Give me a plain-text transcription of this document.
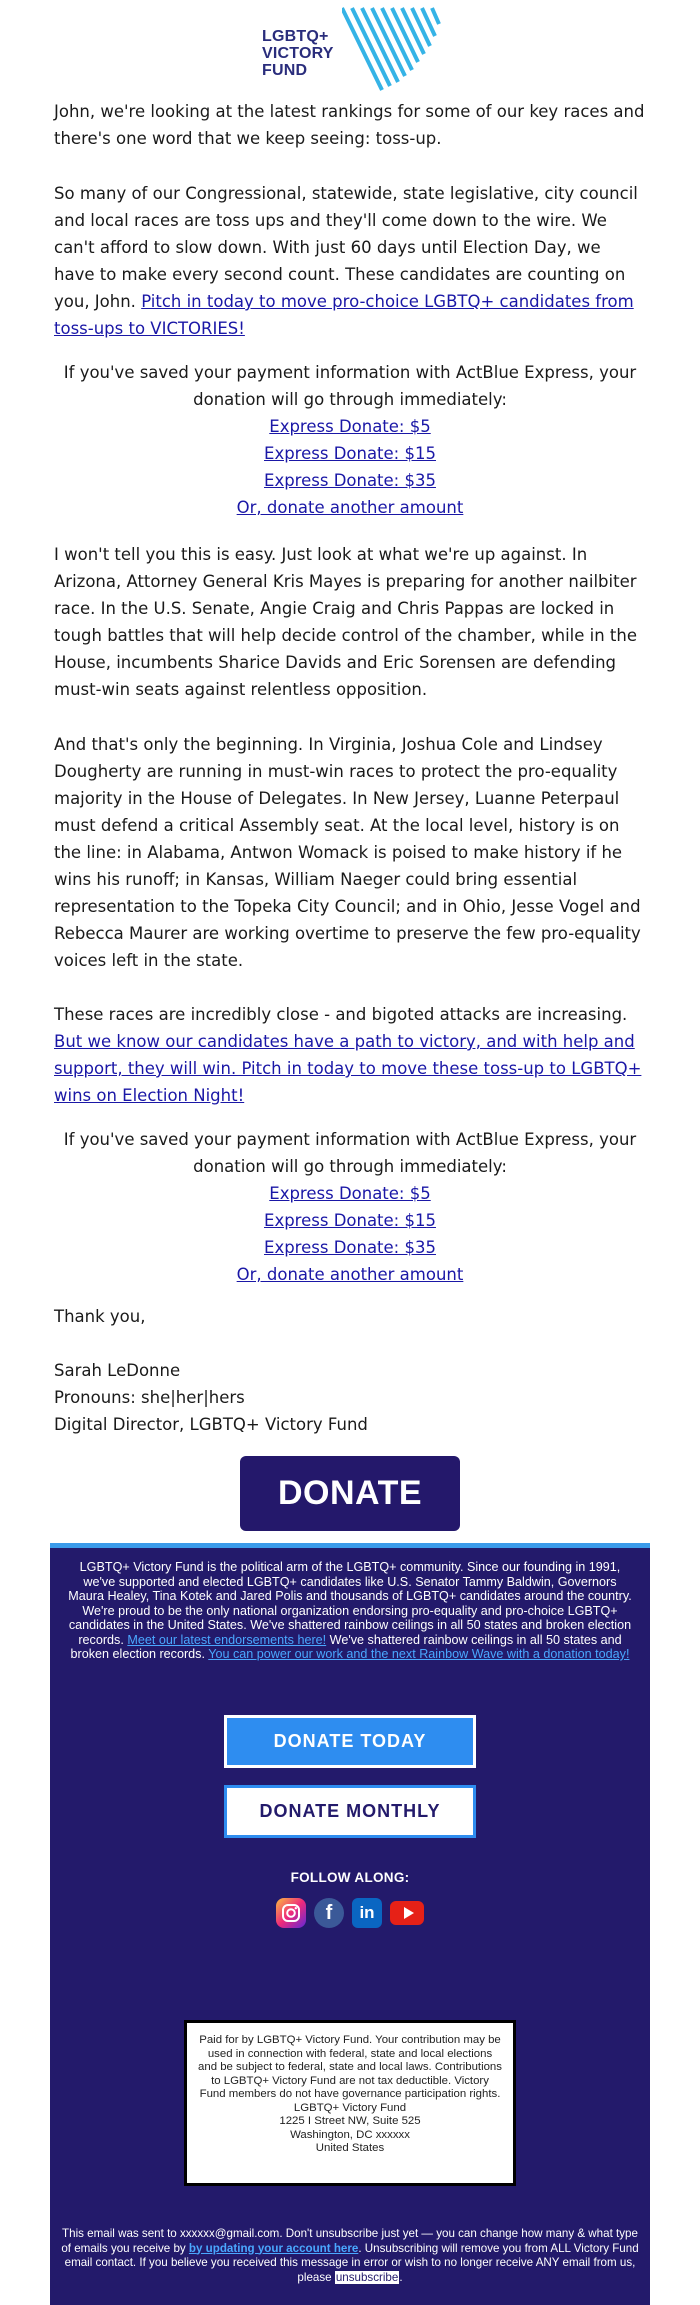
LGBTQ+
VICTORY
FUND

John, we're looking at the latest rankings for some of our key races and there's one word that we keep seeing: toss-up.

So many of our Congressional, statewide, state legislative, city council and local races are toss ups and they'll come down to the wire. We can't afford to slow down. With just 60 days until Election Day, we have to make every second count. These candidates are counting on you, John. Pitch in today to move pro-choice LGBTQ+ candidates from toss-ups to VICTORIES!

If you've saved your payment information with ActBlue Express, your donation will go through immediately:
Express Donate: $5
Express Donate: $15
Express Donate: $35
Or, donate another amount

I won't tell you this is easy. Just look at what we're up against. In Arizona, Attorney General Kris Mayes is preparing for another nailbiter race. In the U.S. Senate, Angie Craig and Chris Pappas are locked in tough battles that will help decide control of the chamber, while in the House, incumbents Sharice Davids and Eric Sorensen are defending must-win seats against relentless opposition.

And that's only the beginning. In Virginia, Joshua Cole and Lindsey Dougherty are running in must-win races to protect the pro-equality majority in the House of Delegates. In New Jersey, Luanne Peterpaul must defend a critical Assembly seat. At the local level, history is on the line: in Alabama, Antwon Womack is poised to make history if he wins his runoff; in Kansas, William Naeger could bring essential representation to the Topeka City Council; and in Ohio, Jesse Vogel and Rebecca Maurer are working overtime to preserve the few pro-equality voices left in the state.

These races are incredibly close - and bigoted attacks are increasing. But we know our candidates have a path to victory, and with help and support, they will win. Pitch in today to move these toss-up to LGBTQ+ wins on Election Night!

If you've saved your payment information with ActBlue Express, your donation will go through immediately:
Express Donate: $5
Express Donate: $15
Express Donate: $35
Or, donate another amount

Thank you,

Sarah LeDonne

Pronouns: she|her|hers

Digital Director, LGBTQ+ Victory Fund

DONATE
LGBTQ+ Victory Fund is the political arm of the LGBTQ+ community. Since our founding in 1991, we've supported and elected LGBTQ+ candidates like U.S. Senator Tammy Baldwin, Governors Maura Healey, Tina Kotek and Jared Polis and thousands of LGBTQ+ candidates around the country. We're proud to be the only national organization endorsing pro-equality and pro-choice LGBTQ+ candidates in the United States. We've shattered rainbow ceilings in all 50 states and broken election records. Meet our latest endorsements here! We've shattered rainbow ceilings in all 50 states and broken election records. You can power our work and the next Rainbow Wave with a donation today!
DONATE TODAY
DONATE MONTHLY
FOLLOW ALONG:
f	in
Paid for by LGBTQ+ Victory Fund. Your contribution may be used in connection with federal, state and local elections and be subject to federal, state and local laws. Contributions to LGBTQ+ Victory Fund are not tax deductible. Victory Fund members do not have governance participation rights.
LGBTQ+ Victory Fund
1225 I Street NW, Suite 525
Washington, DC xxxxxx
United States
This email was sent to xxxxxx@gmail.com. Don't unsubscribe just yet — you can change how many & what type of emails you receive by by updating your account here. Unsubscribing will remove you from ALL Victory Fund email contact. If you believe you received this message in error or wish to no longer receive ANY email from us, please unsubscribe.
